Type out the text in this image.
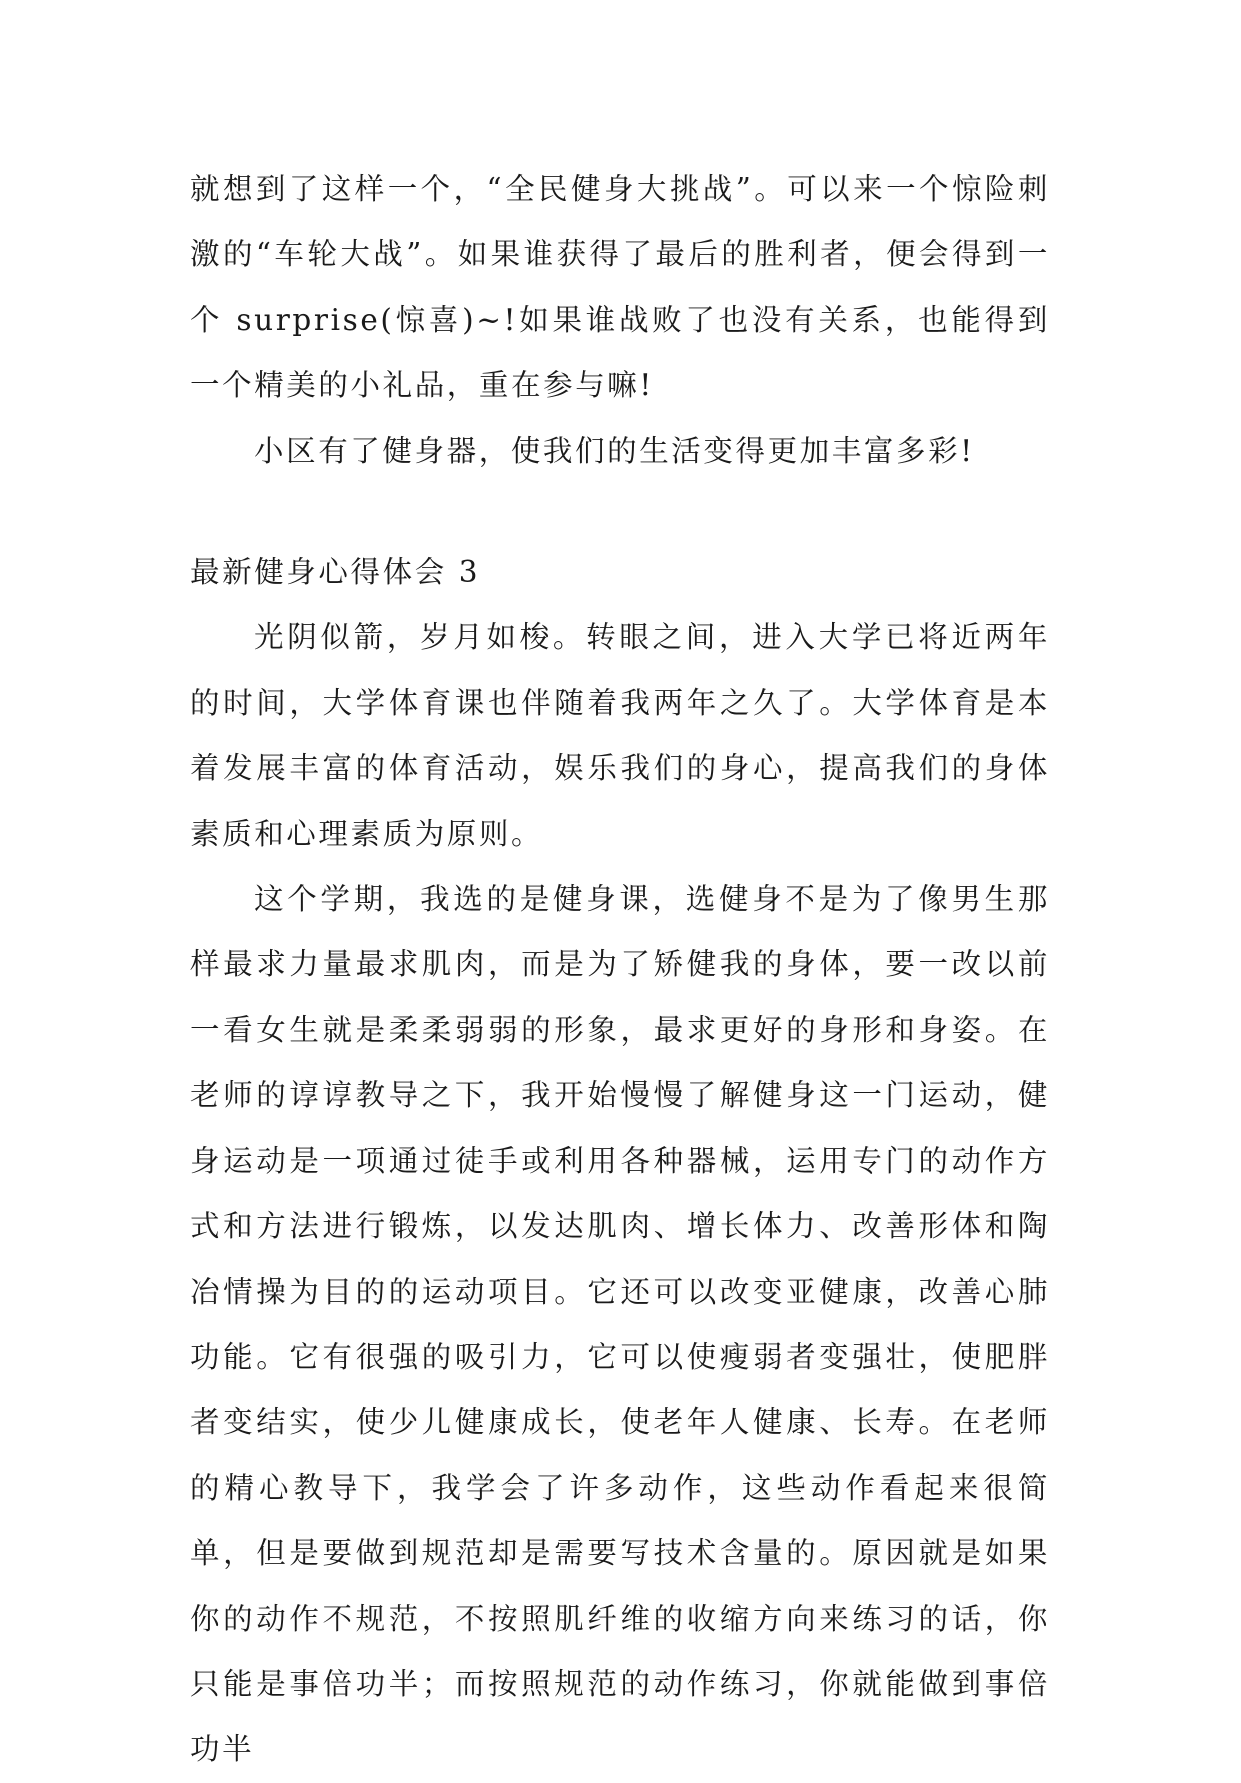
就想到了这样一个，“全民健身大挑战”。可以来一个惊险刺激的“车轮大战”。如果谁获得了最后的胜利者，便会得到一个 surprise(惊喜)~!如果谁战败了也没有关系，也能得到一个精美的小礼品，重在参与嘛!

小区有了健身器，使我们的生活变得更加丰富多彩!

最新健身心得体会 3

光阴似箭，岁月如梭。转眼之间，进入大学已将近两年的时间，大学体育课也伴随着我两年之久了。大学体育是本着发展丰富的体育活动，娱乐我们的身心，提高我们的身体素质和心理素质为原则。

这个学期，我选的是健身课，选健身不是为了像男生那样最求力量最求肌肉，而是为了矫健我的身体，要一改以前一看女生就是柔柔弱弱的形象，最求更好的身形和身姿。在老师的谆谆教导之下，我开始慢慢了解健身这一门运动，健身运动是一项通过徒手或利用各种器械，运用专门的动作方式和方法进行锻炼，以发达肌肉、增长体力、改善形体和陶冶情操为目的的运动项目。它还可以改变亚健康，改善心肺功能。它有很强的吸引力，它可以使瘦弱者变强壮，使肥胖者变结实，使少儿健康成长，使老年人健康、长寿。在老师的精心教导下，我学会了许多动作，这些动作看起来很简单，但是要做到规范却是需要写技术含量的。原因就是如果你的动作不规范，不按照肌纤维的收缩方向来练习的话，你只能是事倍功半；而按照规范的动作练习，你就能做到事倍功半
